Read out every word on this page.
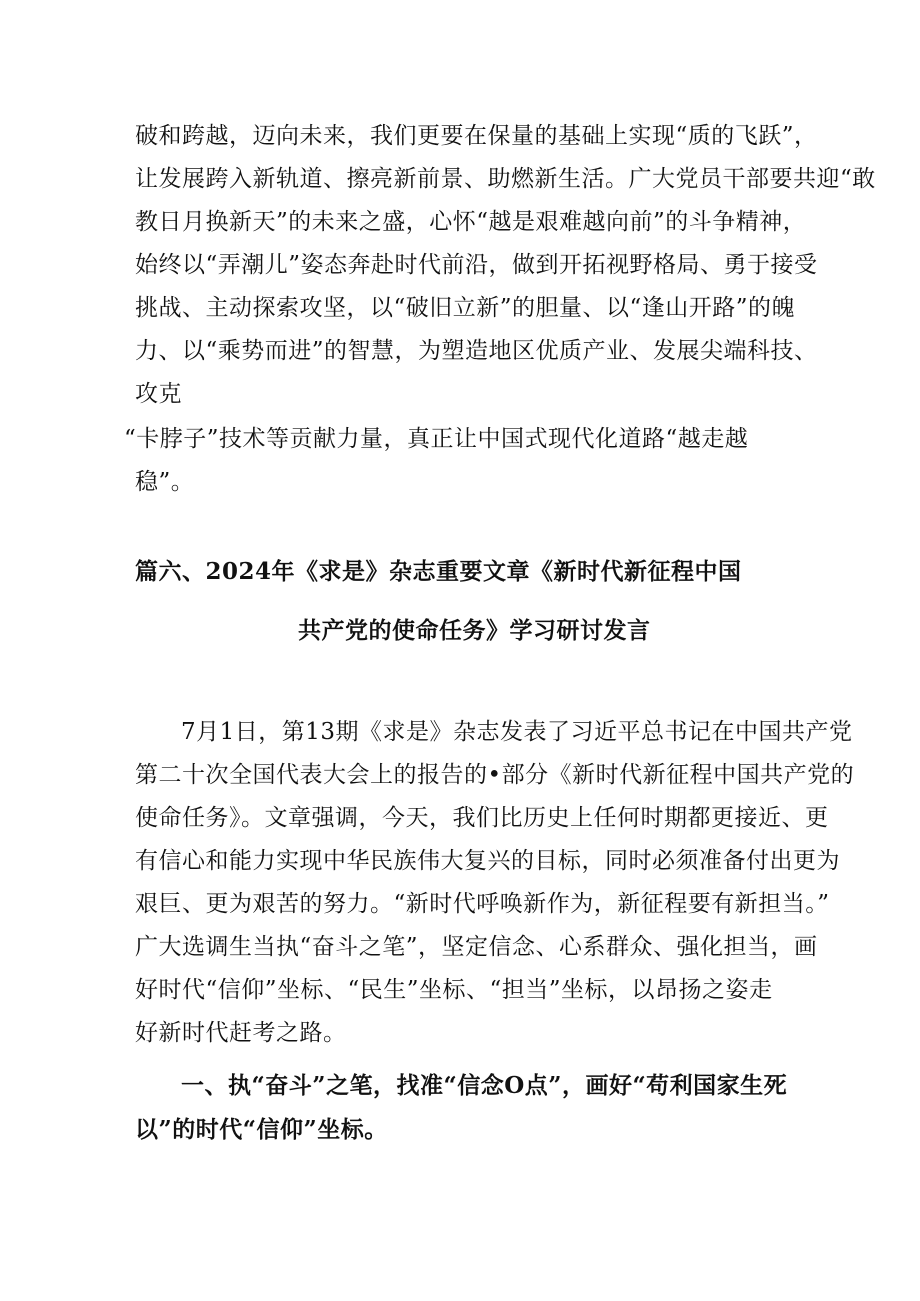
破和跨越，迈向未来，我们更要在保量的基础上实现“质的飞跃”，
让发展跨入新轨道、擦亮新前景、助燃新生活。广大党员干部要共迎“敢
教日月换新天”的未来之盛，心怀“越是艰难越向前”的斗争精神，
始终以“弄潮儿”姿态奔赴时代前沿，做到开拓视野格局、勇于接受
挑战、主动探索攻坚，以“破旧立新”的胆量、以“逢山开路”的魄
力、以“乘势而进”的智慧，为塑造地区优质产业、发展尖端科技、
攻克
“卡脖子”技术等贡献力量，真正让中国式现代化道路“越走越
稳”。
篇六、2024年《求是》杂志重要文章《新时代新征程中国
共产党的使命任务》学习研讨发言
7月1日，第13期《求是》杂志发表了习近平总书记在中国共产党
第二十次全国代表大会上的报告的•部分《新时代新征程中国共产党的
使命任务》。文章强调，今天，我们比历史上任何时期都更接近、更
有信心和能力实现中华民族伟大复兴的目标，同时必须准备付出更为
艰巨、更为艰苦的努力。“新时代呼唤新作为，新征程要有新担当。”
广大选调生当执“奋斗之笔”，坚定信念、心系群众、强化担当，画
好时代“信仰”坐标、“民生”坐标、“担当”坐标，以昂扬之姿走
好新时代赶考之路。
一、执“奋斗”之笔，找准“信念O点”，画好“苟利国家生死
以”的时代“信仰”坐标。
